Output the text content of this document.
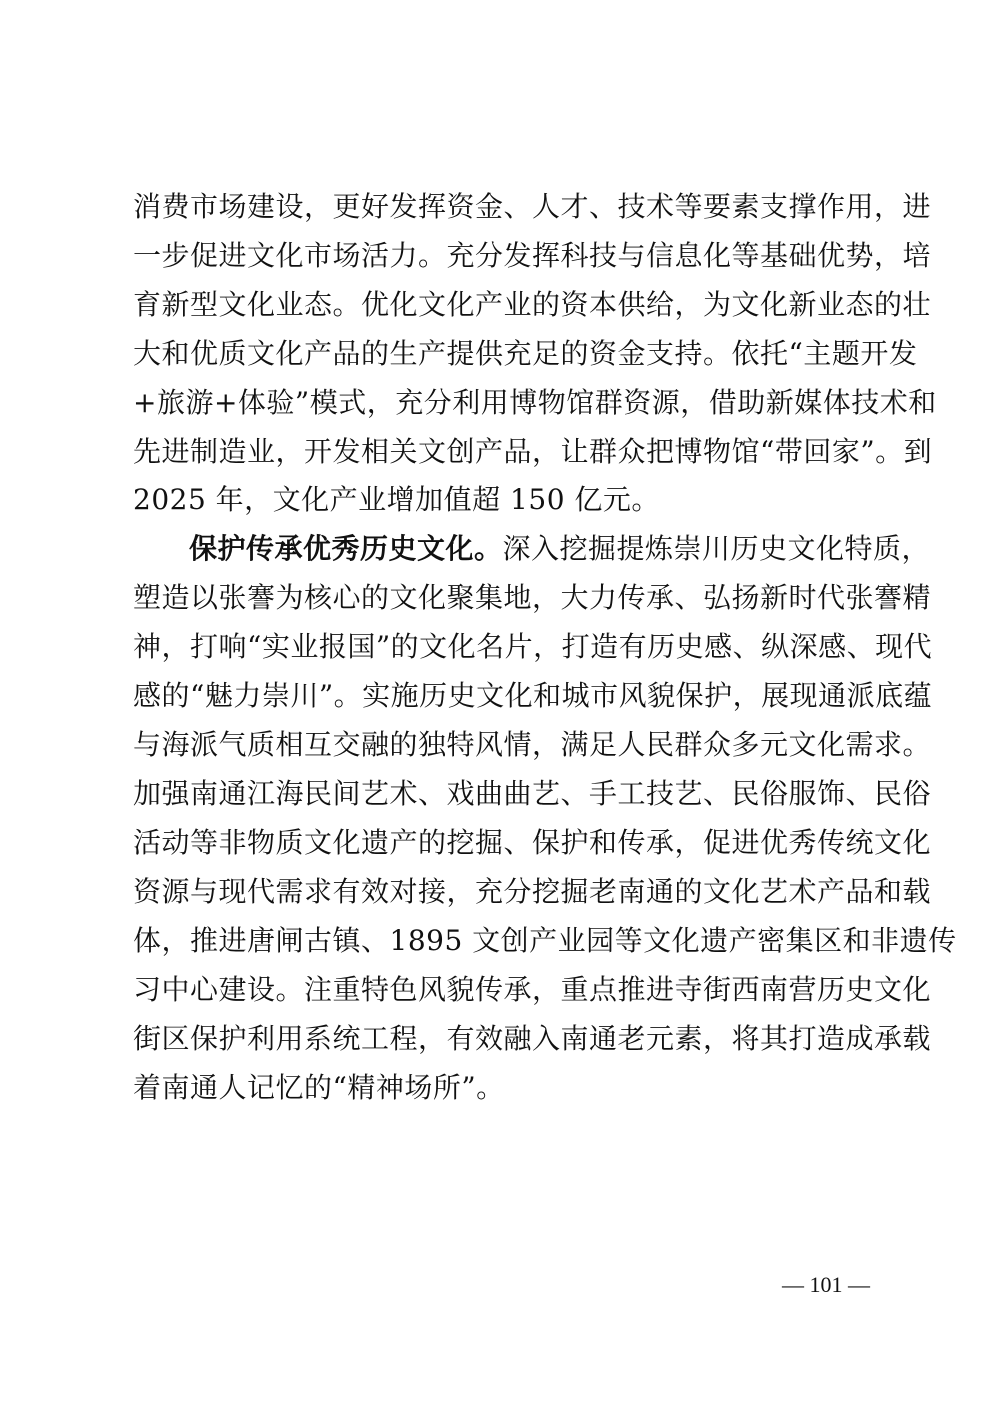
消费市场建设，更好发挥资金、人才、技术等要素支撑作用，进
一步促进文化市场活力。充分发挥科技与信息化等基础优势，培
育新型文化业态。优化文化产业的资本供给，为文化新业态的壮
大和优质文化产品的生产提供充足的资金支持。依托“主题开发
+旅游+体验”模式，充分利用博物馆群资源，借助新媒体技术和
先进制造业，开发相关文创产品，让群众把博物馆“带回家”。到
2025 年，文化产业增加值超 150 亿元。
保护传承优秀历史文化。深入挖掘提炼崇川历史文化特质，
塑造以张謇为核心的文化聚集地，大力传承、弘扬新时代张謇精
神，打响“实业报国”的文化名片，打造有历史感、纵深感、现代
感的“魅力崇川”。实施历史文化和城市风貌保护，展现通派底蕴
与海派气质相互交融的独特风情，满足人民群众多元文化需求。
加强南通江海民间艺术、戏曲曲艺、手工技艺、民俗服饰、民俗
活动等非物质文化遗产的挖掘、保护和传承，促进优秀传统文化
资源与现代需求有效对接，充分挖掘老南通的文化艺术产品和载
体，推进唐闸古镇、1895 文创产业园等文化遗产密集区和非遗传
习中心建设。注重特色风貌传承，重点推进寺街西南营历史文化
街区保护利用系统工程，有效融入南通老元素，将其打造成承载
着南通人记忆的“精神场所”。
— 101 —
